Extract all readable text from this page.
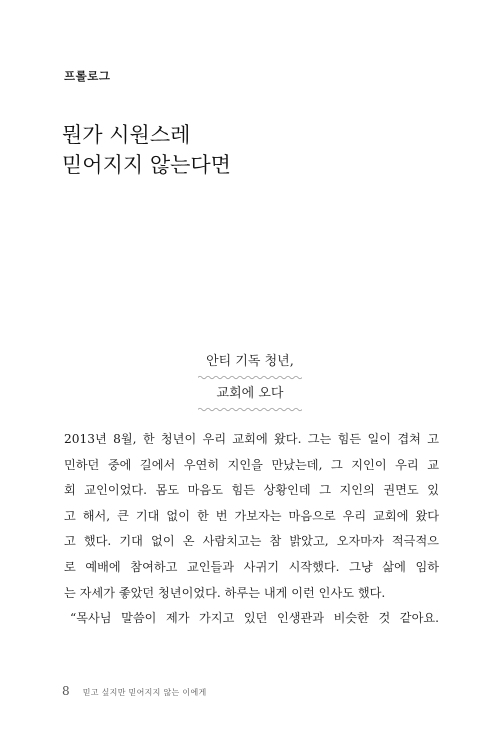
프롤로그
뭔가 시원스레
믿어지지 않는다면
안티 기독 청년,
교회에 오다
2013년 8월, 한 청년이 우리 교회에 왔다. 그는 힘든 일이 겹쳐 고
민하던 중에 길에서 우연히 지인을 만났는데, 그 지인이 우리 교
회 교인이었다. 몸도 마음도 힘든 상황인데 그 지인의 권면도 있
고 해서, 큰 기대 없이 한 번 가보자는 마음으로 우리 교회에 왔다
고 했다. 기대 없이 온 사람치고는 참 밝았고, 오자마자 적극적으
로 예배에 참여하고 교인들과 사귀기 시작했다. 그냥 삶에 임하
는 자세가 좋았던 청년이었다. 하루는 내게 이런 인사도 했다.
“목사님 말씀이 제가 가지고 있던 인생관과 비슷한 것 같아요.
8 믿고 싶지만 믿어지지 않는 이에게
